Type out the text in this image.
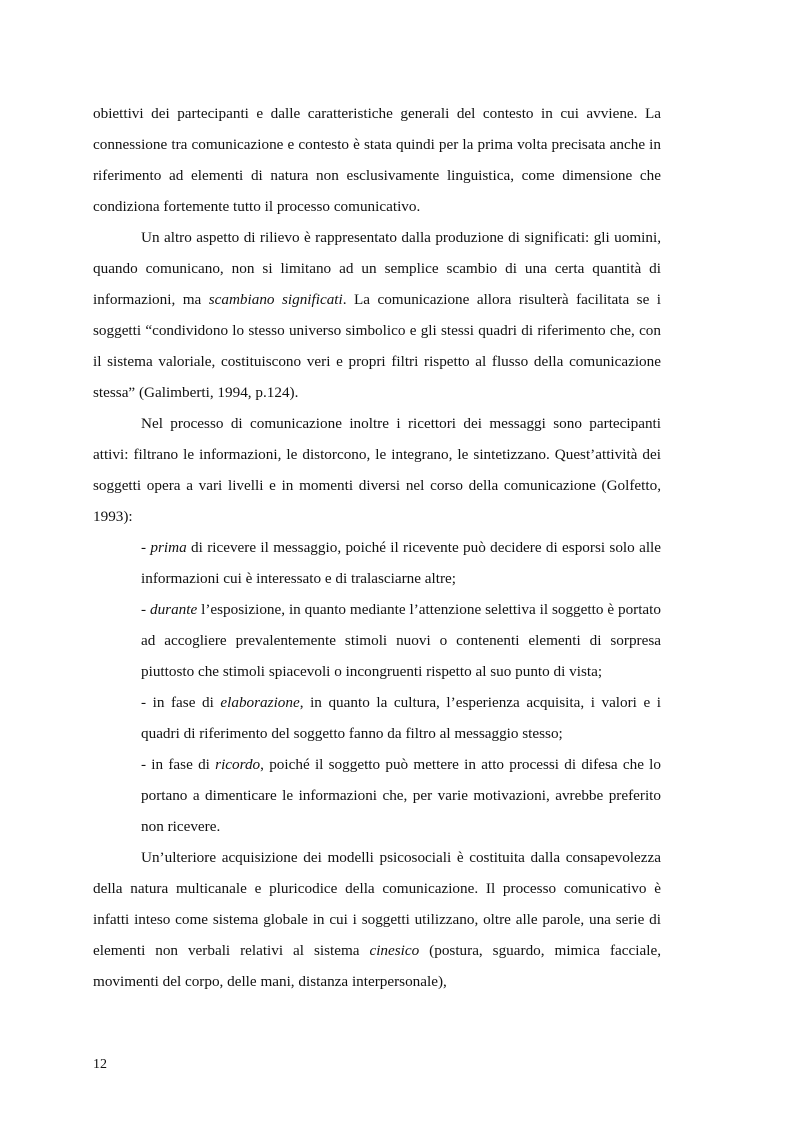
obiettivi dei partecipanti e dalle caratteristiche generali del contesto in cui avviene. La connessione tra comunicazione e contesto è stata quindi per la prima volta precisata anche in riferimento ad elementi di natura non esclusivamente linguistica, come dimensione che condiziona fortemente tutto il processo comunicativo.

Un altro aspetto di rilievo è rappresentato dalla produzione di significati: gli uomini, quando comunicano, non si limitano ad un semplice scambio di una certa quantità di informazioni, ma scambiano significati. La comunicazione allora risulterà facilitata se i soggetti “condividono lo stesso universo simbolico e gli stessi quadri di riferimento che, con il sistema valoriale, costituiscono veri e propri filtri rispetto al flusso della comunicazione stessa” (Galimberti, 1994, p.124).

Nel processo di comunicazione inoltre i ricettori dei messaggi sono partecipanti attivi: filtrano le informazioni, le distorcono, le integrano, le sintetizzano. Quest’attività dei soggetti opera a vari livelli e in momenti diversi nel corso della comunicazione (Golfetto, 1993):

- prima di ricevere il messaggio, poiché il ricevente può decidere di esporsi solo alle informazioni cui è interessato e di tralasciarne altre;

- durante l’esposizione, in quanto mediante l’attenzione selettiva il soggetto è portato ad accogliere prevalentemente stimoli nuovi o contenenti elementi di sorpresa piuttosto che stimoli spiacevoli o incongruenti rispetto al suo punto di vista;

- in fase di elaborazione, in quanto la cultura, l’esperienza acquisita, i valori e i quadri di riferimento del soggetto fanno da filtro al messaggio stesso;

- in fase di ricordo, poiché il soggetto può mettere in atto processi di difesa che lo portano a dimenticare le informazioni che, per varie motivazioni, avrebbe preferito non ricevere.

Un’ulteriore acquisizione dei modelli psicosociali è costituita dalla consapevolezza della natura multicanale e pluricodice della comunicazione. Il processo comunicativo è infatti inteso come sistema globale in cui i soggetti utilizzano, oltre alle parole, una serie di elementi non verbali relativi al sistema cinesico (postura, sguardo, mimica facciale, movimenti del corpo, delle mani, distanza interpersonale),

12
